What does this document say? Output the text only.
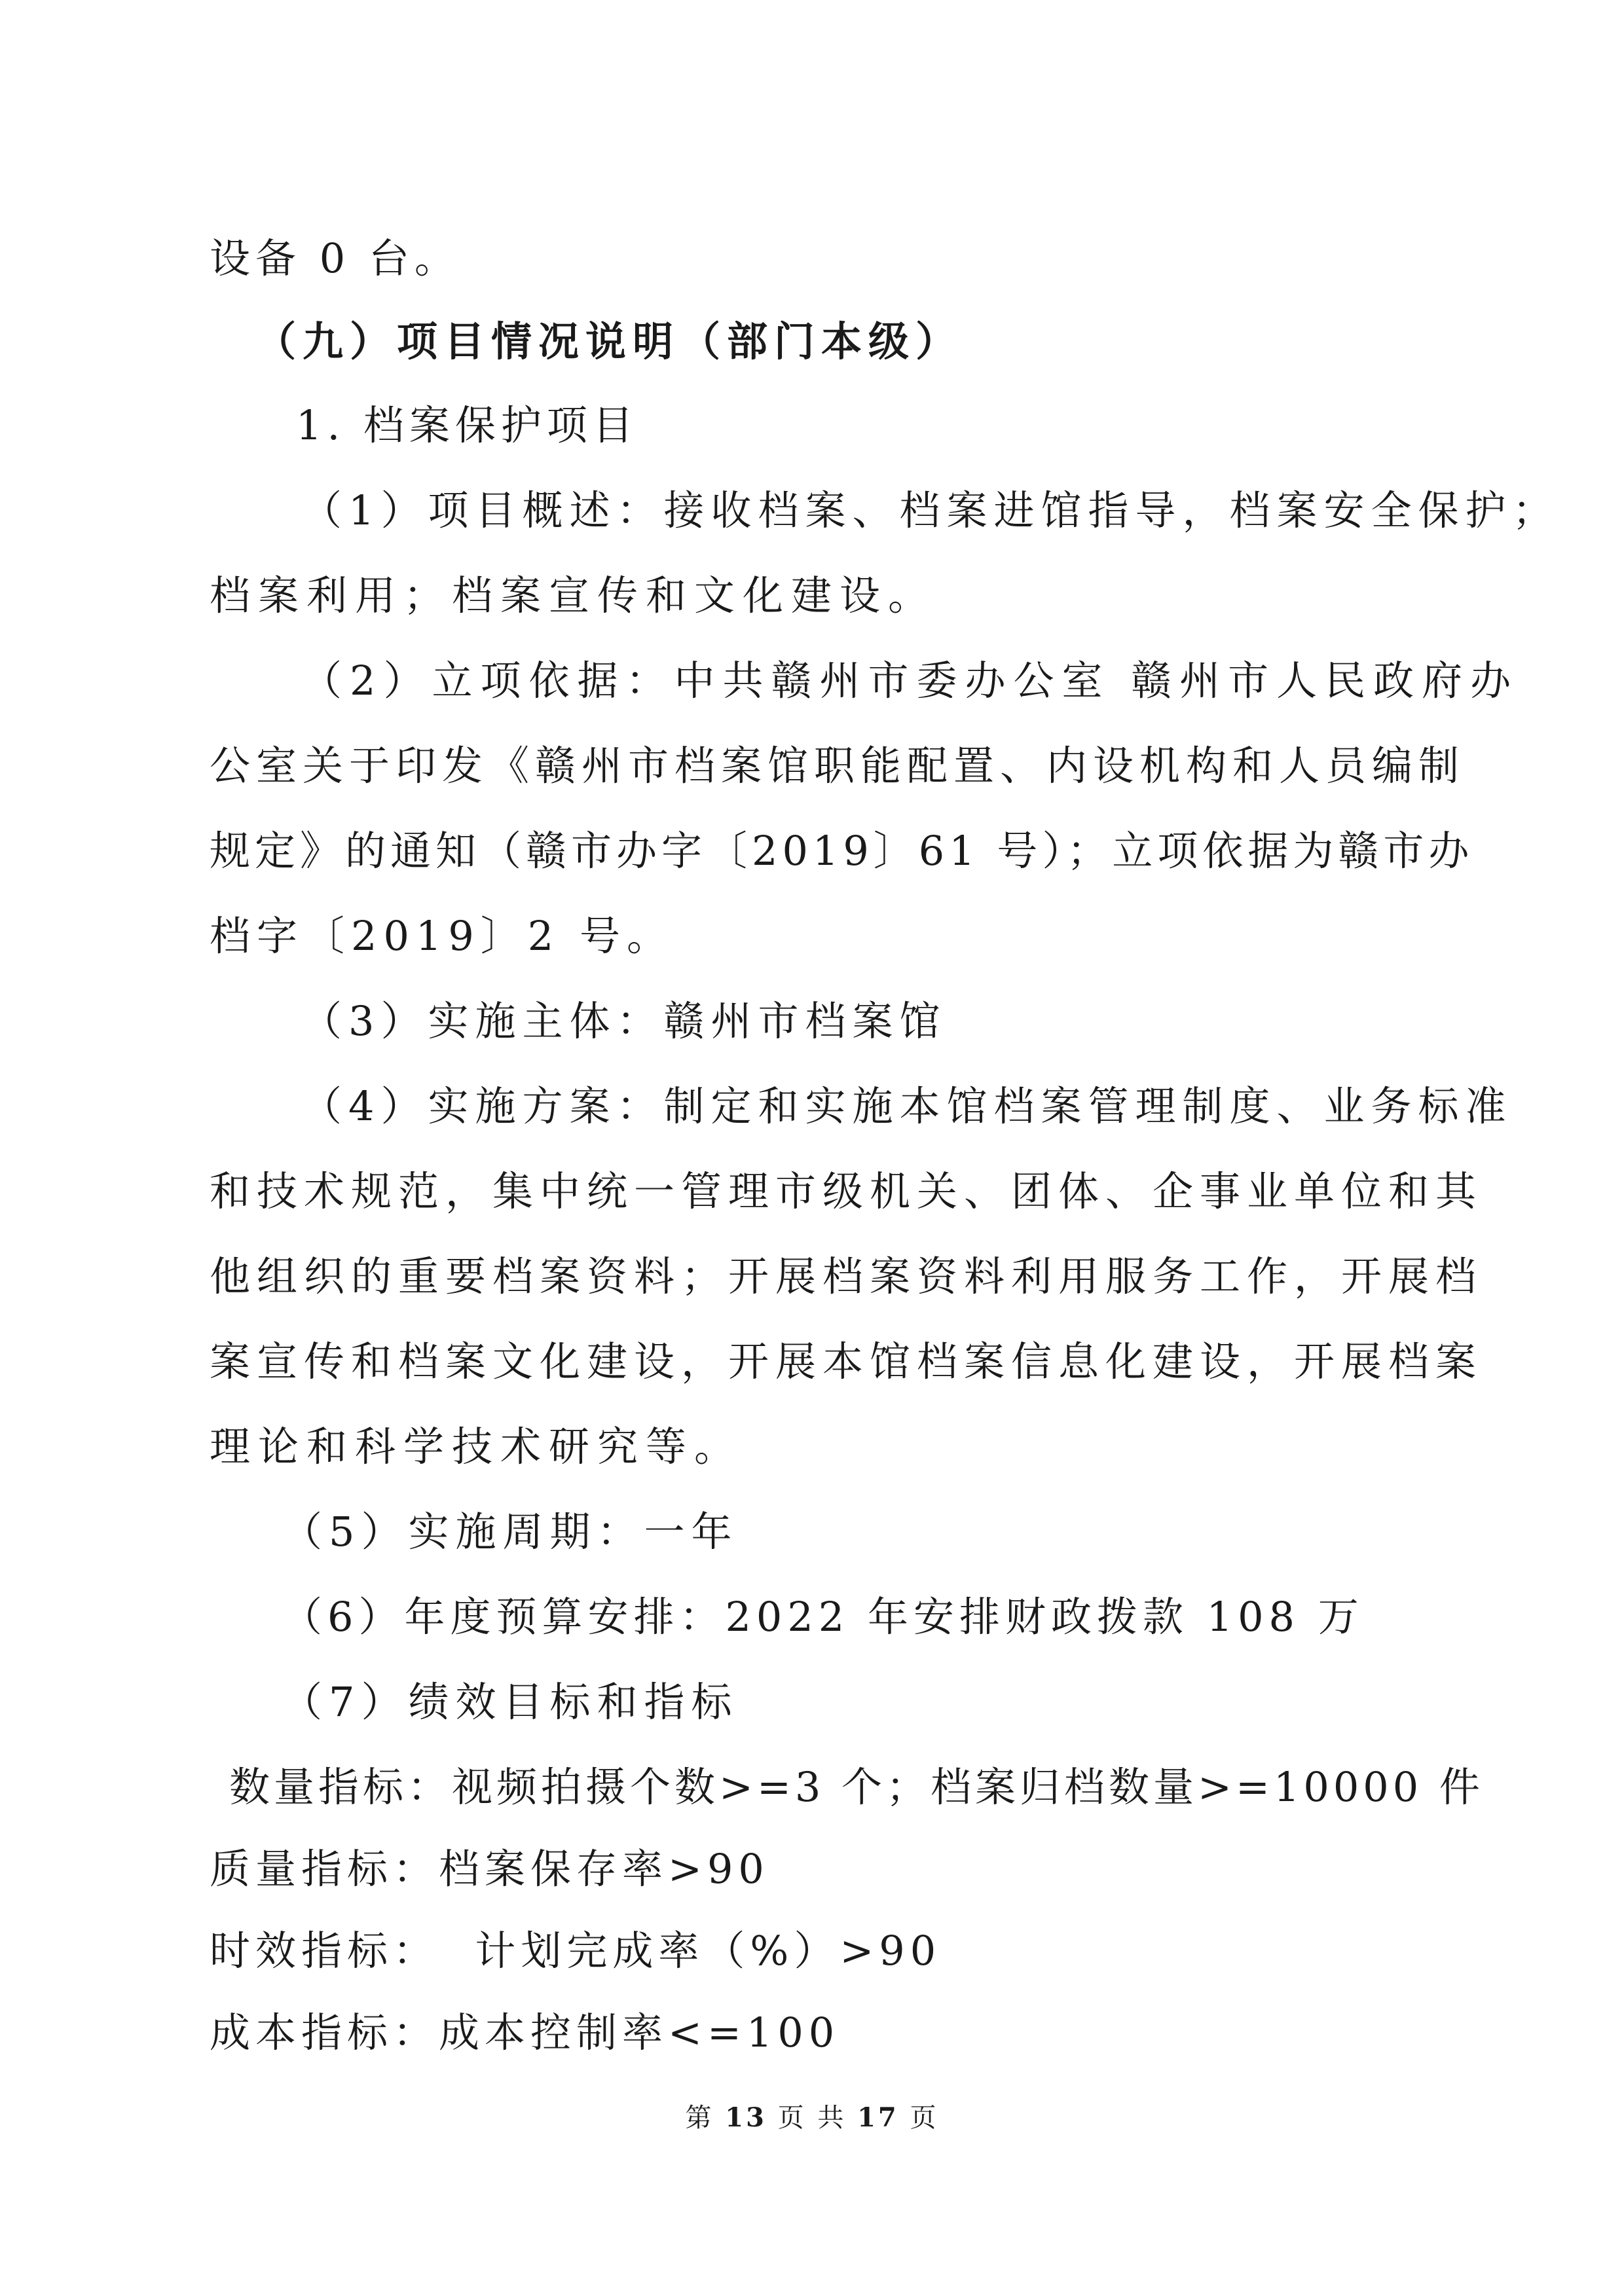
设备 0 台。
（九）项目情况说明（部门本级）
1. 档案保护项目
（1）项目概述：接收档案、档案进馆指导，档案安全保护；
档案利用；档案宣传和文化建设。
（2）立项依据：中共赣州市委办公室 赣州市人民政府办
公室关于印发《赣州市档案馆职能配置、内设机构和人员编制
规定》的通知（赣市办字〔2019〕61 号）；立项依据为赣市办
档字〔2019〕2 号。
（3）实施主体：赣州市档案馆
（4）实施方案：制定和实施本馆档案管理制度、业务标准
和技术规范，集中统一管理市级机关、团体、企事业单位和其
他组织的重要档案资料；开展档案资料利用服务工作，开展档
案宣传和档案文化建设，开展本馆档案信息化建设，开展档案
理论和科学技术研究等。
（5）实施周期：一年
（6）年度预算安排：2022 年安排财政拨款 108 万
（7）绩效目标和指标
数量指标：视频拍摄个数>=3 个；档案归档数量>=10000 件
质量指标：档案保存率>90
时效指标：  计划完成率（%）>90
成本指标：成本控制率<=100
第 13 页 共 17 页
